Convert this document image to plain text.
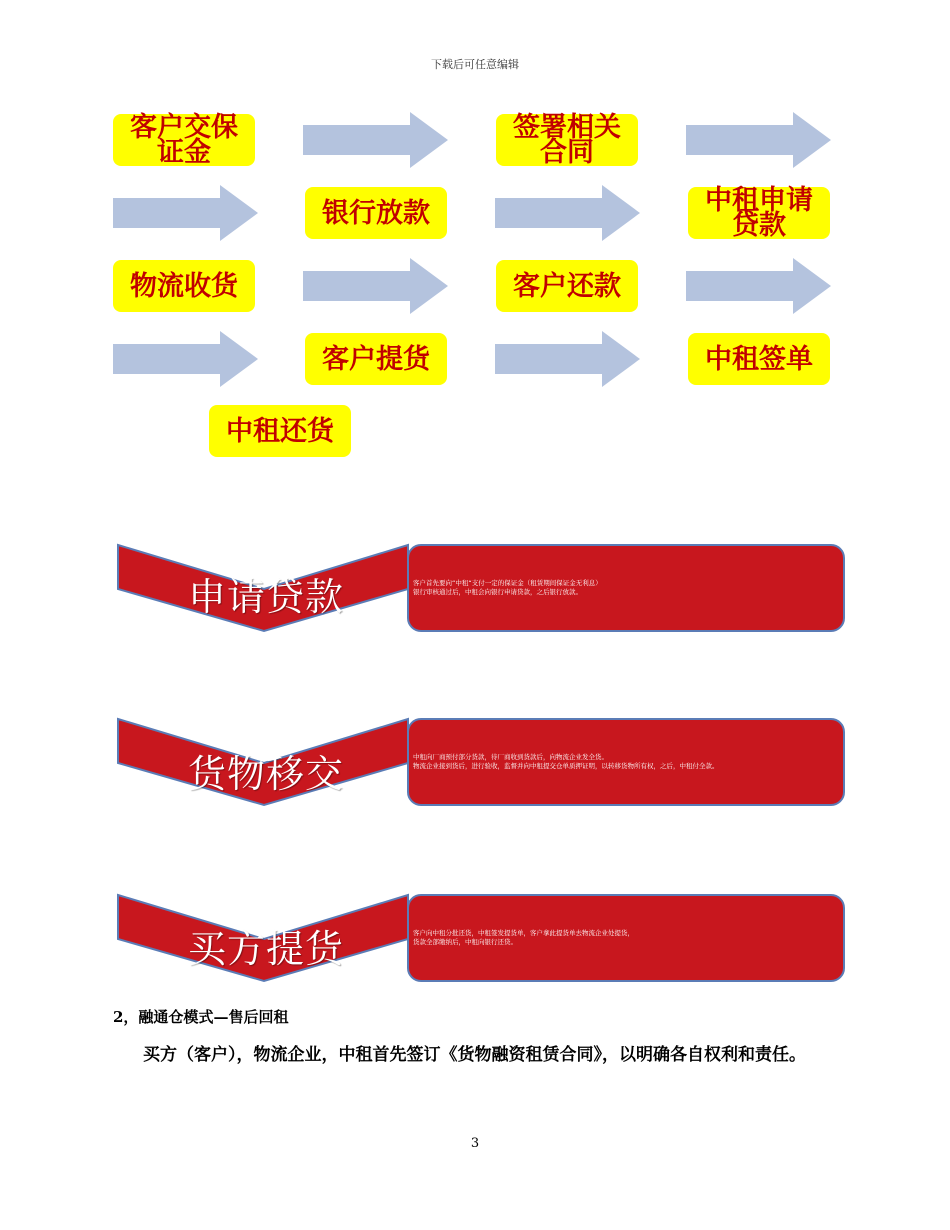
下载后可任意编辑
客户交保证金
签署相关合同
银行放款	中租申请贷款
物流收货	客户还款
客户提货	中租签单
中租还货
申请贷款	客户首先要向“中租“支付一定的保证金（租赁期间保证金无利息）
银行审核通过后，中租会向银行申请贷款，之后银行放款。
货物移交	中租向厂商预付部分货款，待厂商收到货款后，向物流企业发全货。
物流企业接到货后，进行验收，监督并向中租提交仓单质押证明，以转移货物所有权，之后，中租付全款。
买方提货	客户向中租分批还货，中租签发提货单，客户拿此提货单去物流企业处提货，
货款全部缴纳后，中租向银行还贷。
2，融通仓模式—售后回租
买方（客户），物流企业，中租首先签订《货物融资租赁合同》，以明确各自权利和责任。
3
